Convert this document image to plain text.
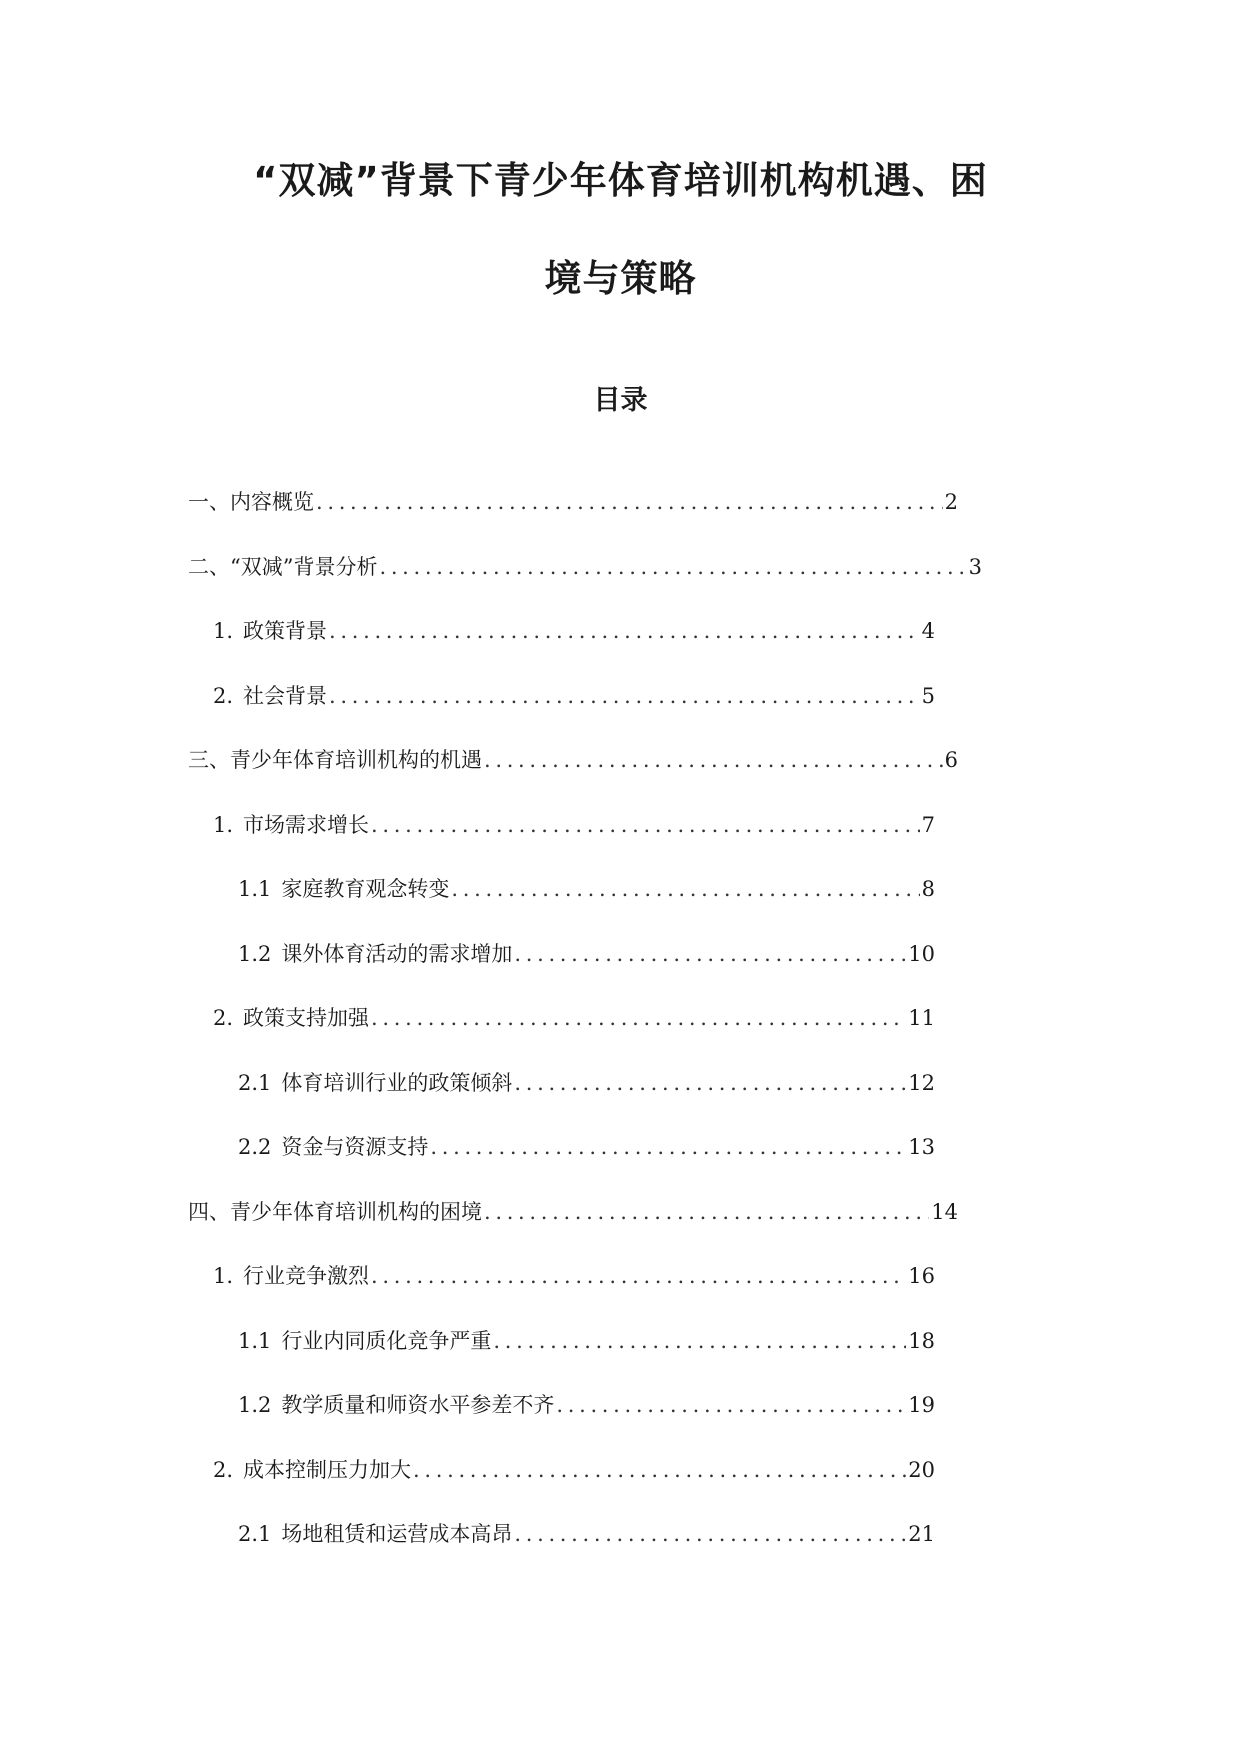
“双减”背景下青少年体育培训机构机遇、困
境与策略
目录
一、内容概览 . . .	2
二、“双减”背景分析 . . .	3
1. 政策背景 . . .	4
2. 社会背景 . . .	5
三、青少年体育培训机构的机遇 . . .	6
1. 市场需求增长 . . .	7
1.1 家庭教育观念转变 . . .	8
1.2 课外体育活动的需求增加 . . .	10
2. 政策支持加强 . . .	11
2.1 体育培训行业的政策倾斜 . . .	12
2.2 资金与资源支持 . . .	13
四、青少年体育培训机构的困境 . . .	14
1. 行业竞争激烈 . . .	16
1.1 行业内同质化竞争严重 . . .	18
1.2 教学质量和师资水平参差不齐 . . .	19
2. 成本控制压力加大 . . .	20
2.1 场地租赁和运营成本高昂 . . .	21
